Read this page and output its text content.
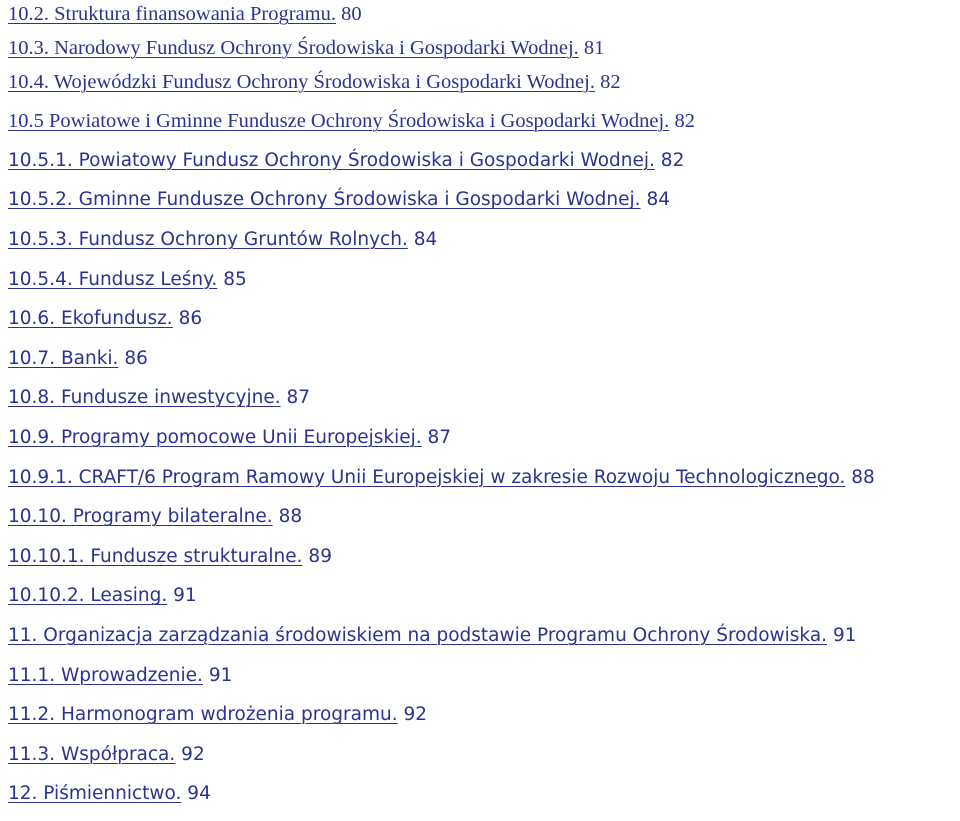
10.2. Struktura finansowania Programu. 80
10.3. Narodowy Fundusz Ochrony Środowiska i Gospodarki Wodnej. 81
10.4. Wojewódzki Fundusz Ochrony Środowiska i Gospodarki Wodnej. 82
10.5 Powiatowe i Gminne Fundusze Ochrony Środowiska i Gospodarki Wodnej. 82
10.5.1. Powiatowy Fundusz Ochrony Środowiska i Gospodarki Wodnej. 82
10.5.2. Gminne Fundusze Ochrony Środowiska i Gospodarki Wodnej. 84
10.5.3. Fundusz Ochrony Gruntów Rolnych. 84
10.5.4. Fundusz Leśny. 85
10.6. Ekofundusz. 86
10.7. Banki. 86
10.8. Fundusze inwestycyjne. 87
10.9. Programy pomocowe Unii Europejskiej. 87
10.9.1. CRAFT/6 Program Ramowy Unii Europejskiej w zakresie Rozwoju Technologicznego. 88
10.10. Programy bilateralne. 88
10.10.1. Fundusze strukturalne. 89
10.10.2. Leasing. 91
11. Organizacja zarządzania środowiskiem na podstawie Programu Ochrony Środowiska. 91
11.1. Wprowadzenie. 91
11.2. Harmonogram wdrożenia programu. 92
11.3. Współpraca. 92
12. Piśmiennictwo. 94
